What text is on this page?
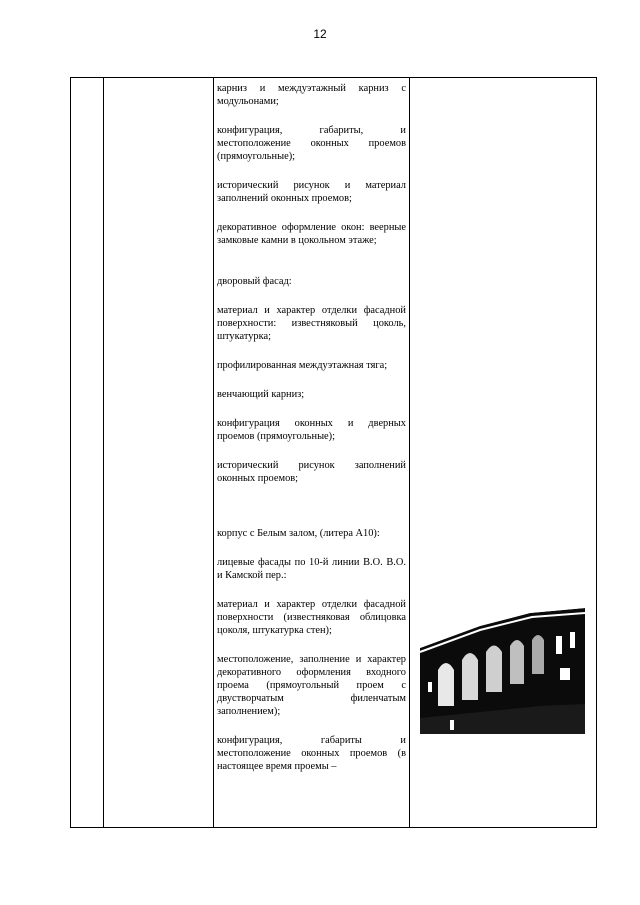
12

карниз и междуэтажный карниз с модульонами;

конфигурация, габариты, и местоположение оконных проемов (прямоугольные);

исторический рисунок и материал заполнений оконных проемов;

декоративное оформление окон: веерные замковые камни в цокольном этаже;

дворовый фасад:

материал и характер отделки фасадной поверхности: известняковый цоколь, штукатурка;

профилированная междуэтажная тяга;

венчающий карниз;

конфигурация оконных и дверных проемов (прямоугольные);

исторический рисунок заполнений оконных проемов;

корпус с Белым залом, (литера А10):

лицевые фасады по 10-й линии В.О. В.О. и Камской пер.:

материал и характер отделки фасадной поверхности (известняковая облицовка цоколя, штукатурка стен);

местоположение, заполнение и характер декоративного оформления входного проема (прямоугольный проем с двустворчатым филенчатым заполнением);

конфигурация, габариты и местоположение оконных проемов (в настоящее время проемы –
